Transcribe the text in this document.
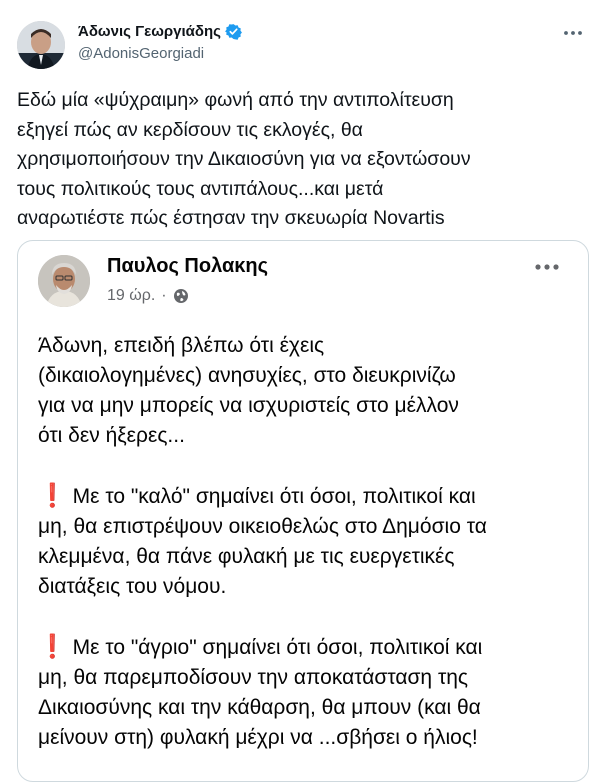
Άδωνις Γεωργιάδης
@AdonisGeorgiadi
Εδώ μία «ψύχραιμη» φωνή από την αντιπολίτευση
εξηγεί πώς αν κερδίσουν τις εκλογές, θα
χρησιμοποιήσουν την Δικαιοσύνη για να εξοντώσουν
τους πολιτικούς τους αντιπάλους...και μετά
αναρωτιέστε πώς έστησαν την σκευωρία Novartis
Παυλος Πολακης
19 ώρ. ·

Άδωνη, επειδή βλέπω ότι έχεις
(δικαιολογημένες) ανησυχίες, στο διευκρινίζω
για να μην μπορείς να ισχυριστείς στο μέλλον
ότι δεν ήξερες...

❗ Με το "καλό" σημαίνει ότι όσοι, πολιτικοί και
μη, θα επιστρέψουν οικειοθελώς στο Δημόσιο τα
κλεμμένα, θα πάνε φυλακή με τις ευεργετικές
διατάξεις του νόμου.

❗ Με το "άγριο" σημαίνει ότι όσοι, πολιτικοί και
μη, θα παρεμποδίσουν την αποκατάσταση της
Δικαιοσύνης και την κάθαρση, θα μπουν (και θα
μείνουν στη) φυλακή μέχρι να ...σβήσει ο ήλιος!
